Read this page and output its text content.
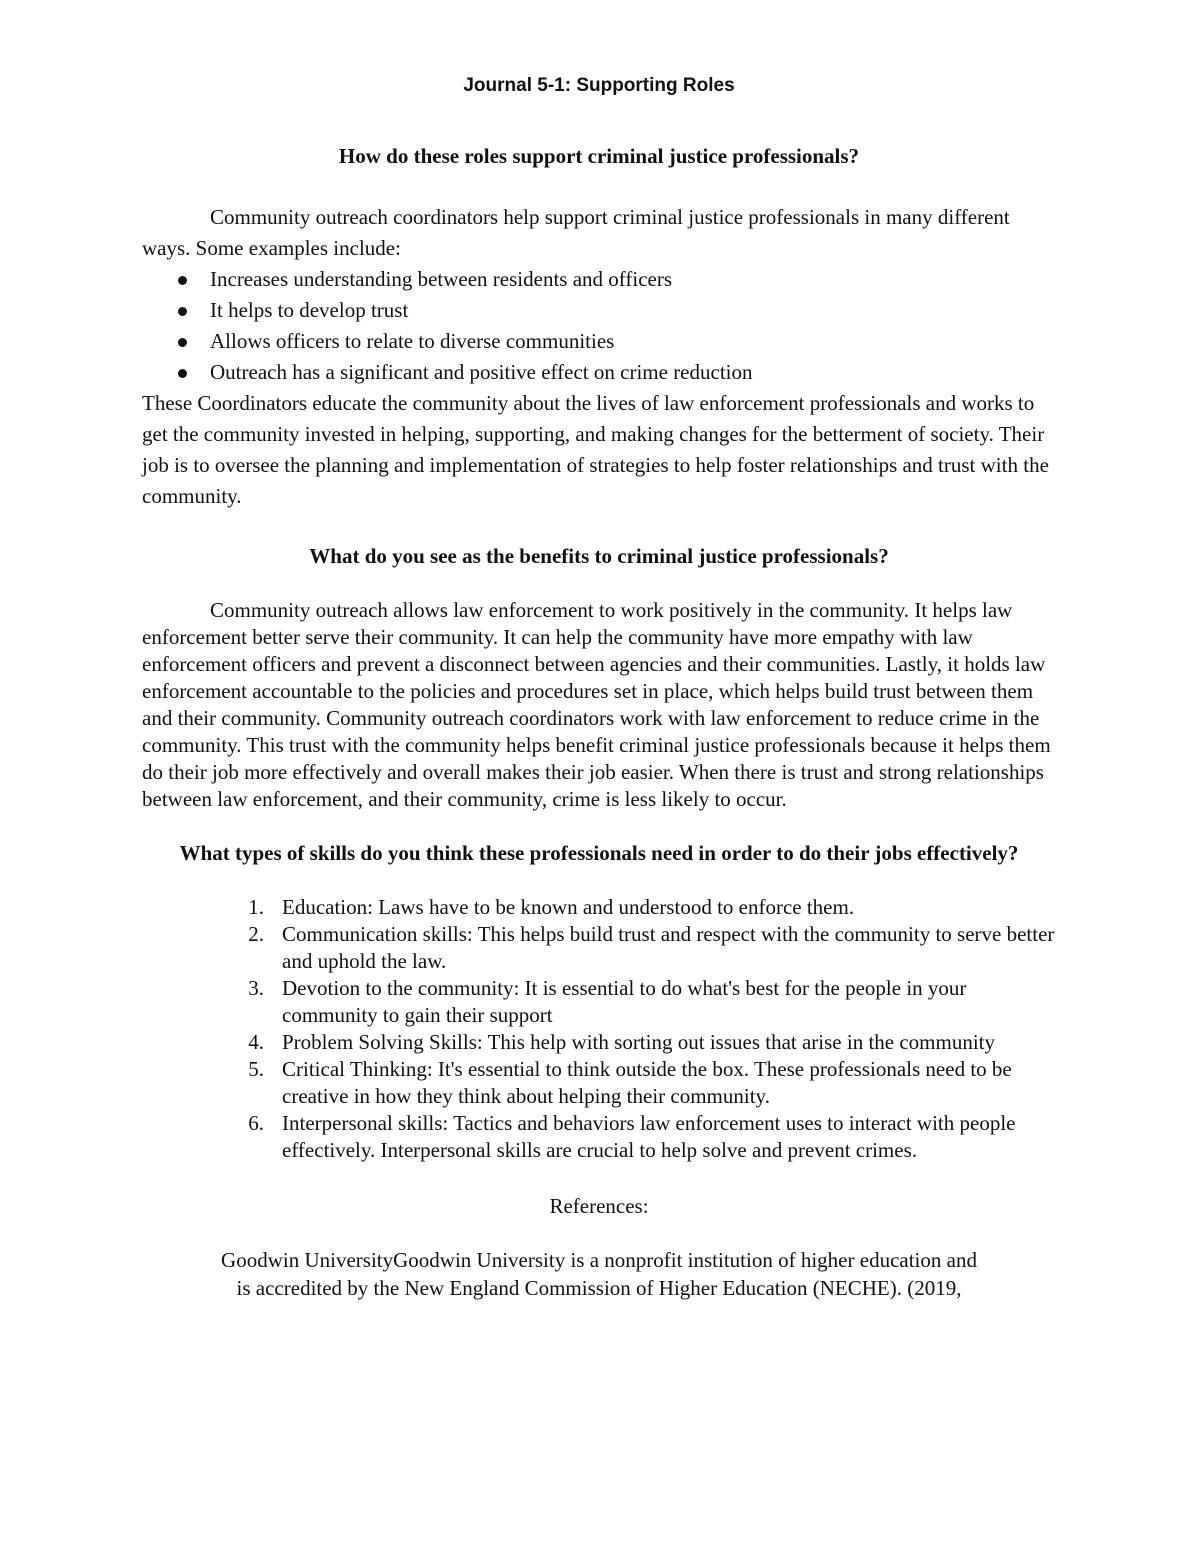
Journal 5-1: Supporting Roles
How do these roles support criminal justice professionals?

Community outreach coordinators help support criminal justice professionals in many different ways. Some examples include:

Increases understanding between residents and officers
It helps to develop trust
Allows officers to relate to diverse communities
Outreach has a significant and positive effect on crime reduction

These Coordinators educate the community about the lives of law enforcement professionals and works to get the community invested in helping, supporting, and making changes for the betterment of society. Their job is to oversee the planning and implementation of strategies to help foster relationships and trust with the community.

What do you see as the benefits to criminal justice professionals?

Community outreach allows law enforcement to work positively in the community. It helps law enforcement better serve their community. It can help the community have more empathy with law enforcement officers and prevent a disconnect between agencies and their communities. Lastly, it holds law enforcement accountable to the policies and procedures set in place, which helps build trust between them and their community. Community outreach coordinators work with law enforcement to reduce crime in the community. This trust with the community helps benefit criminal justice professionals because it helps them do their job more effectively and overall makes their job easier. When there is trust and strong relationships between law enforcement, and their community, crime is less likely to occur.

What types of skills do you think these professionals need in order to do their jobs effectively?
1. Education: Laws have to be known and understood to enforce them.
2. Communication skills: This helps build trust and respect with the community to serve better and uphold the law.
3. Devotion to the community: It is essential to do what's best for the people in your community to gain their support
4. Problem Solving Skills: This help with sorting out issues that arise in the community
5. Critical Thinking: It's essential to think outside the box. These professionals need to be creative in how they think about helping their community.
6. Interpersonal skills: Tactics and behaviors law enforcement uses to interact with people effectively. Interpersonal skills are crucial to help solve and prevent crimes.

References:

Goodwin UniversityGoodwin University is a nonprofit institution of higher education and

is accredited by the New England Commission of Higher Education (NECHE). (2019,
